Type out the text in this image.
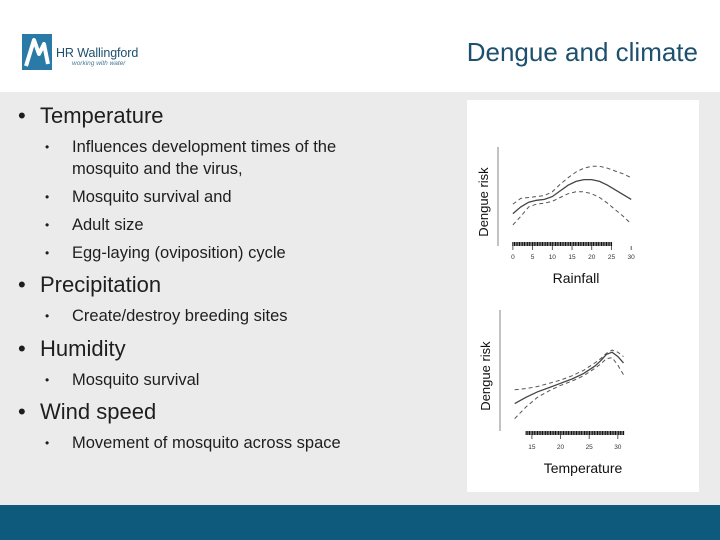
HR Wallingford
working with water	Dengue and climate
• Temperature
• Influences development times of the
mosquito and the virus,
• Mosquito survival and
• Adult size
• Egg-laying (oviposition) cycle
• Precipitation
• Create/destroy breeding sites
• Humidity
• Mosquito survival
• Wind speed
• Movement of mosquito across space
0 5 10 15 20 25 30
Rainfall
Dengue risk
15	20	25	30
Temperature
Dengue risk
